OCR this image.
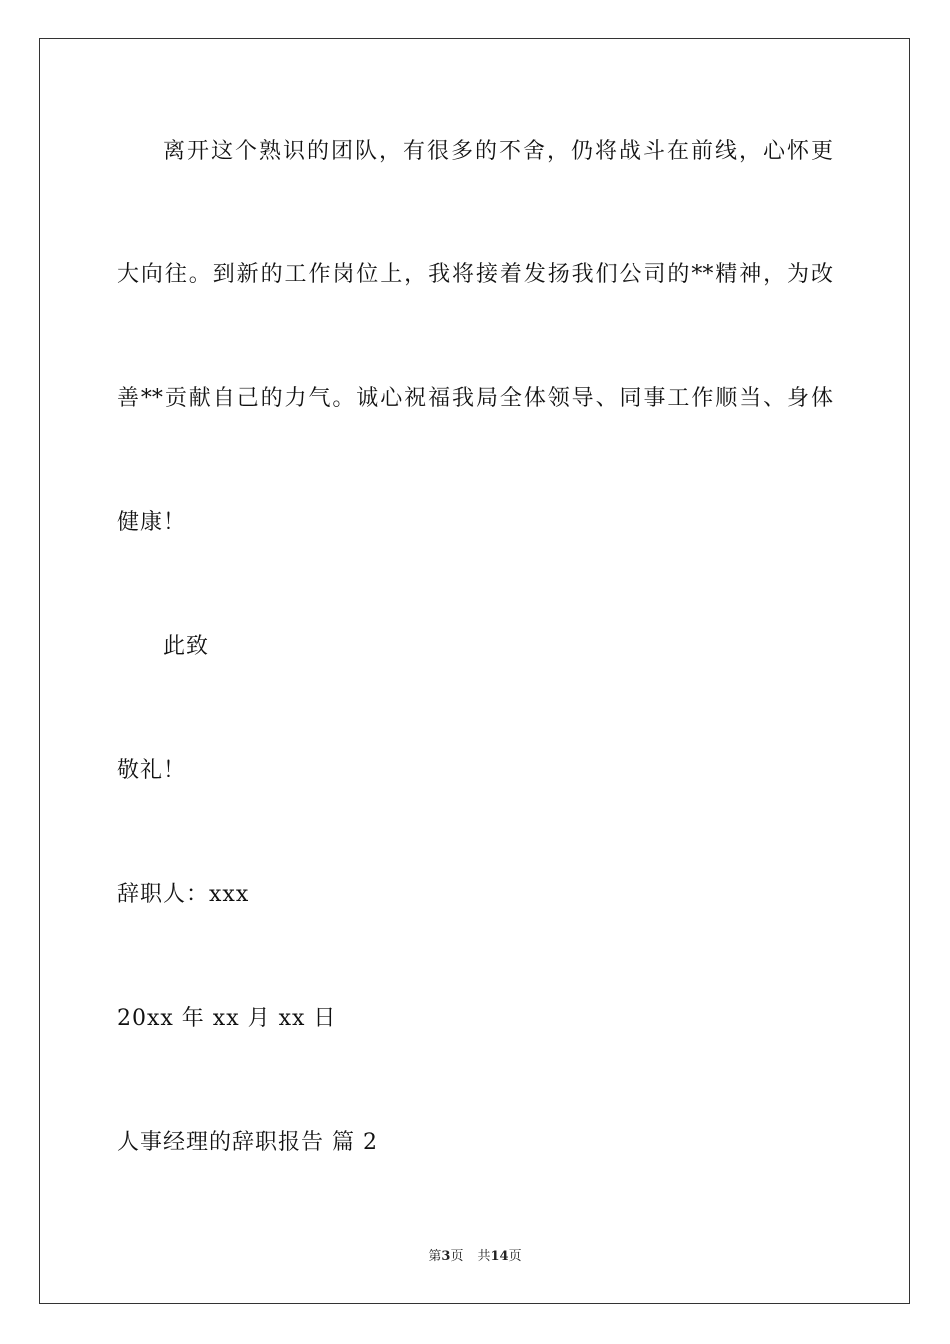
离开这个熟识的团队，有很多的不舍，仍将战斗在前线，心怀更
大向往。到新的工作岗位上，我将接着发扬我们公司的**精神，为改
善**贡献自己的力气。诚心祝福我局全体领导、同事工作顺当、身体
健康！
此致
敬礼！
辞职人：xxx
20xx 年 xx 月 xx 日
人事经理的辞职报告 篇 2
第3页 共14页
